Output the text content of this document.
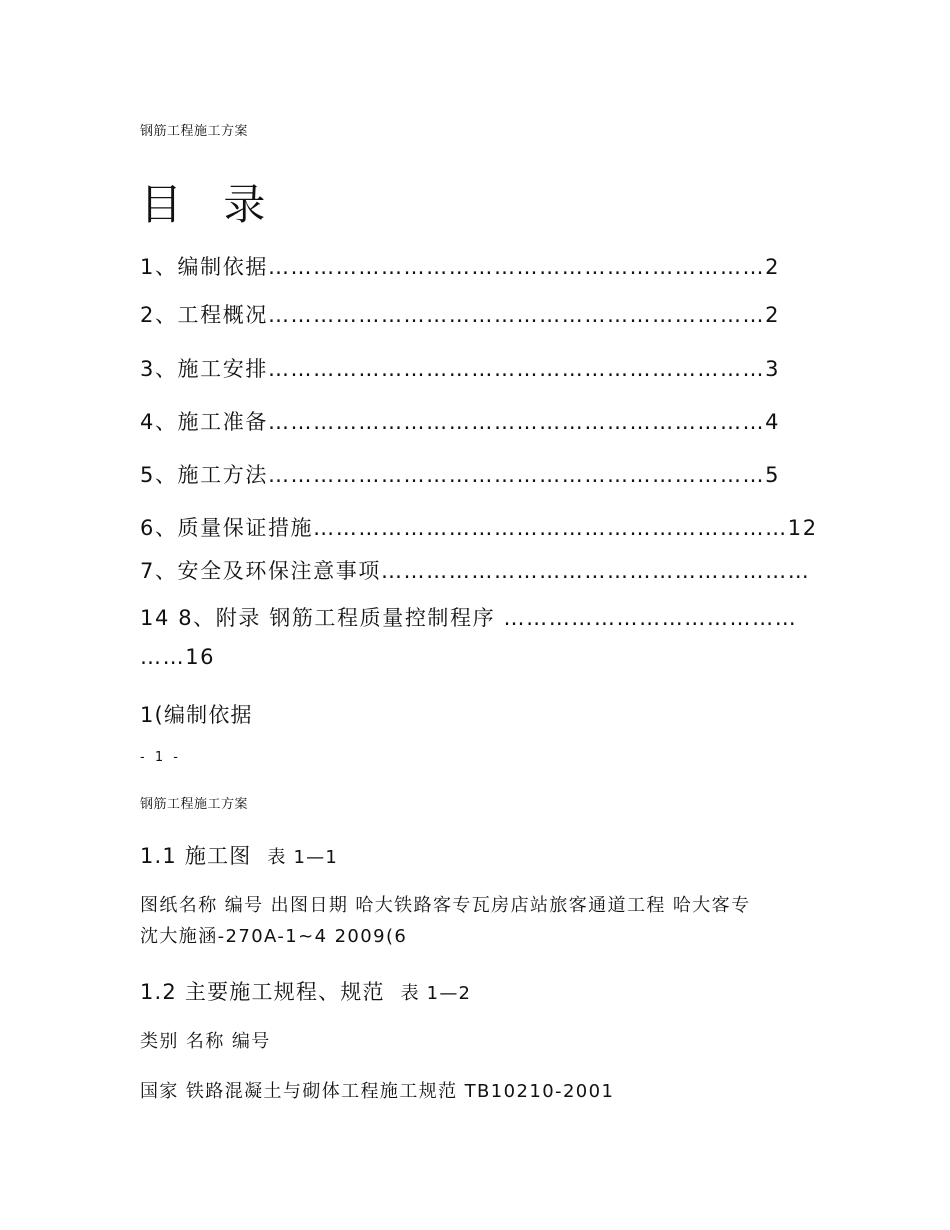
钢筋工程施工方案

目 录

1、编制依据…………………………………………………………2

2、工程概况…………………………………………………………2

3、施工安排…………………………………………………………3

4、施工准备…………………………………………………………4

5、施工方法…………………………………………………………5

6、质量保证措施………………………………………………………12

7、安全及环保注意事项…………………………………………………

14 8、附录 钢筋工程质量控制程序 …………………………………

……16

1(编制依据

- 1 -

钢筋工程施工方案

1.1 施工图 表 1—1

图纸名称 编号 出图日期 哈大铁路客专瓦房店站旅客通道工程 哈大客专

沈大施涵-270A-1~4 2009(6

1.2 主要施工规程、规范 表 1—2

类别 名称 编号

国家 铁路混凝土与砌体工程施工规范 TB10210-2001
